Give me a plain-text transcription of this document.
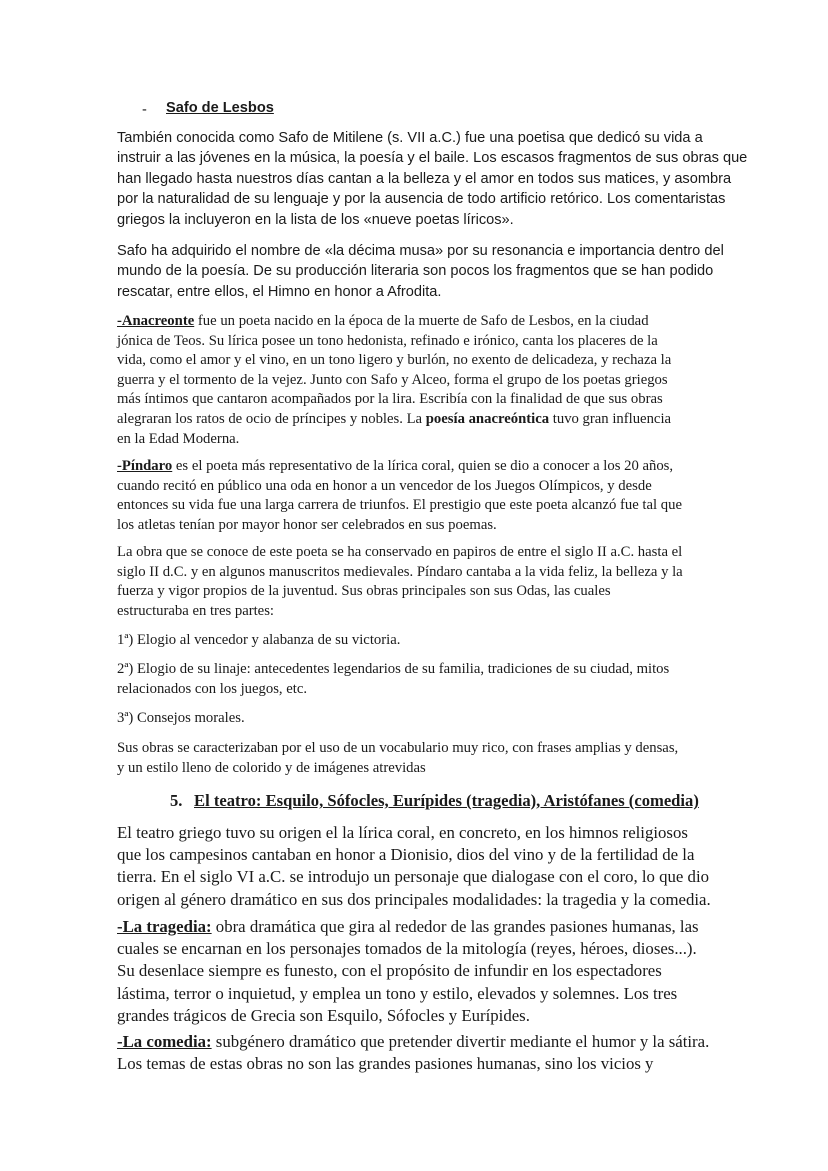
- Safo de Lesbos
También conocida como Safo de Mitilene (s. VII a.C.) fue una poetisa que dedicó su vida a
instruir a las jóvenes en la música, la poesía y el baile. Los escasos fragmentos de sus obras que
han llegado hasta nuestros días cantan a la belleza y el amor en todos sus matices, y asombra
por la naturalidad de su lenguaje y por la ausencia de todo artificio retórico. Los comentaristas
griegos la incluyeron en la lista de los «nueve poetas líricos».
Safo ha adquirido el nombre de «la décima musa» por su resonancia e importancia dentro del
mundo de la poesía. De su producción literaria son pocos los fragmentos que se han podido
rescatar, entre ellos, el Himno en honor a Afrodita.
-Anacreonte fue un poeta nacido en la época de la muerte de Safo de Lesbos, en la ciudad
jónica de Teos. Su lírica posee un tono hedonista, refinado e irónico, canta los placeres de la
vida, como el amor y el vino, en un tono ligero y burlón, no exento de delicadeza, y rechaza la
guerra y el tormento de la vejez. Junto con Safo y Alceo, forma el grupo de los poetas griegos
más íntimos que cantaron acompañados por la lira. Escribía con la finalidad de que sus obras
alegraran los ratos de ocio de príncipes y nobles. La poesía anacreóntica tuvo gran influencia
en la Edad Moderna.
-Píndaro es el poeta más representativo de la lírica coral, quien se dio a conocer a los 20 años,
cuando recitó en público una oda en honor a un vencedor de los Juegos Olímpicos, y desde
entonces su vida fue una larga carrera de triunfos. El prestigio que este poeta alcanzó fue tal que
los atletas tenían por mayor honor ser celebrados en sus poemas.
La obra que se conoce de este poeta se ha conservado en papiros de entre el siglo II a.C. hasta el
siglo II d.C. y en algunos manuscritos medievales. Píndaro cantaba a la vida feliz, la belleza y la
fuerza y vigor propios de la juventud. Sus obras principales son sus Odas, las cuales
estructuraba en tres partes:
1ª) Elogio al vencedor y alabanza de su victoria.
2ª) Elogio de su linaje: antecedentes legendarios de su familia, tradiciones de su ciudad, mitos
relacionados con los juegos, etc.
3ª) Consejos morales.
Sus obras se caracterizaban por el uso de un vocabulario muy rico, con frases amplias y densas,
y un estilo lleno de colorido y de imágenes atrevidas
5. El teatro: Esquilo, Sófocles, Eurípides (tragedia), Aristófanes (comedia)
El teatro griego tuvo su origen el la lírica coral, en concreto, en los himnos religiosos
que los campesinos cantaban en honor a Dionisio, dios del vino y de la fertilidad de la
tierra. En el siglo VI a.C. se introdujo un personaje que dialogase con el coro, lo que dio
origen al género dramático en sus dos principales modalidades: la tragedia y la comedia.
-La tragedia: obra dramática que gira al rededor de las grandes pasiones humanas, las
cuales se encarnan en los personajes tomados de la mitología (reyes, héroes, dioses...).
Su desenlace siempre es funesto, con el propósito de infundir en los espectadores
lástima, terror o inquietud, y emplea un tono y estilo, elevados y solemnes. Los tres
grandes trágicos de Grecia son Esquilo, Sófocles y Eurípides.
-La comedia: subgénero dramático que pretender divertir mediante el humor y la sátira.
Los temas de estas obras no son las grandes pasiones humanas, sino los vicios y
